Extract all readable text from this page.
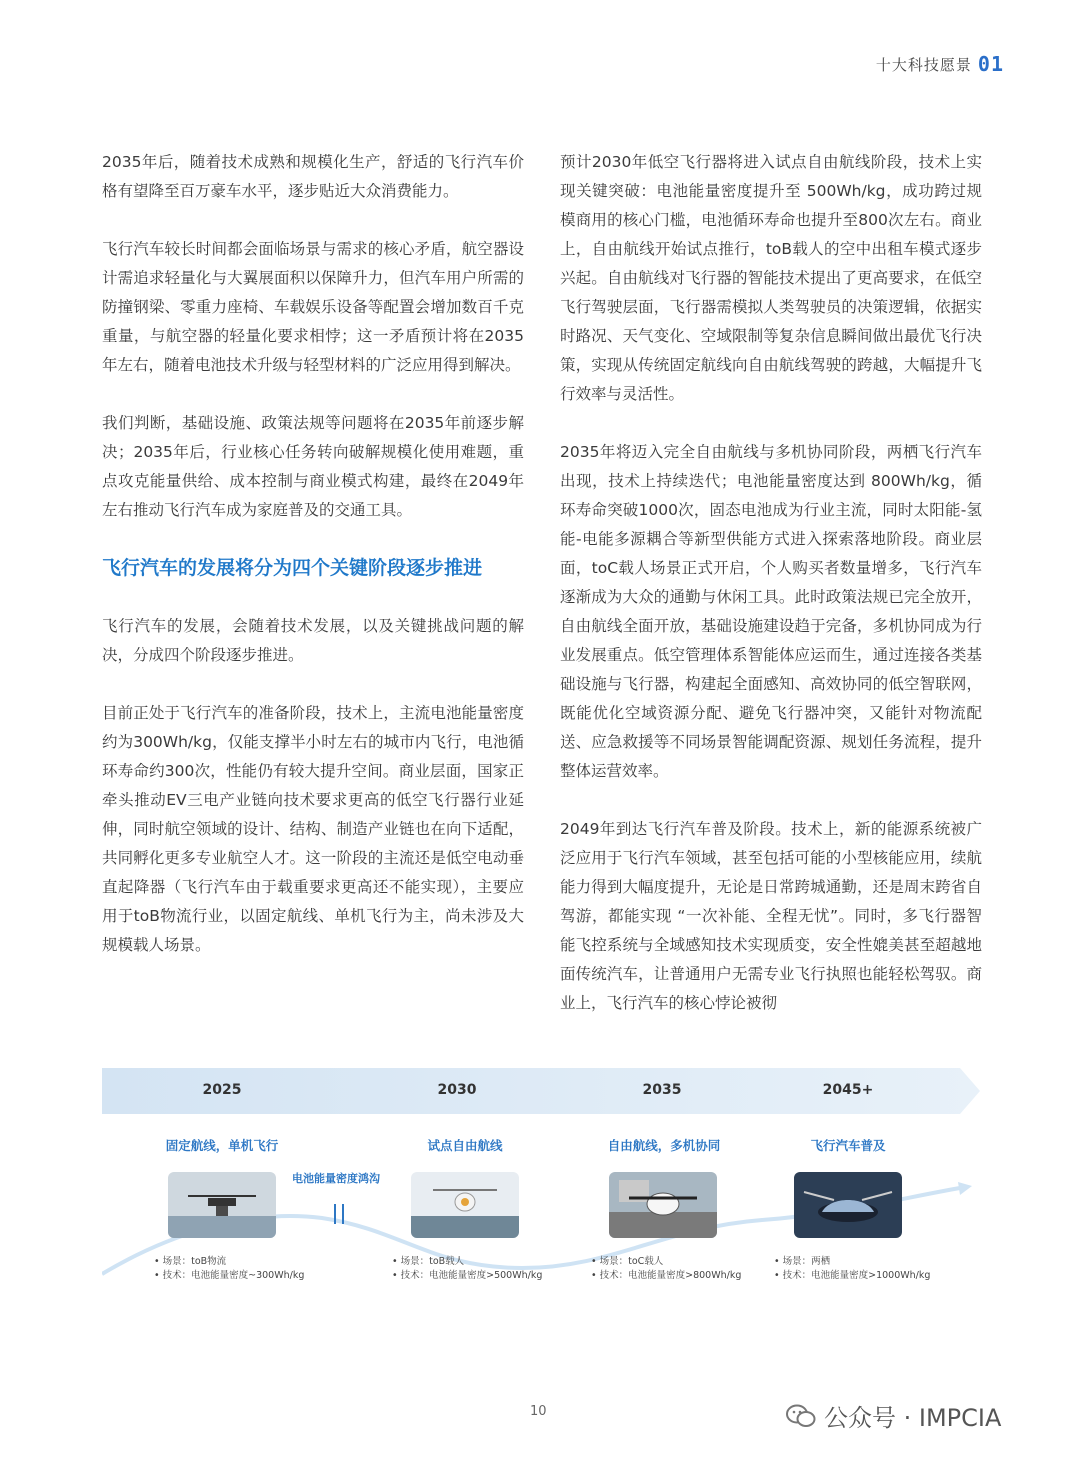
十大科技愿景 01

2035年后，随着技术成熟和规模化生产，舒适的飞行汽车价格有望降至百万豪车水平，逐步贴近大众消费能力。

飞行汽车较长时间都会面临场景与需求的核心矛盾，航空器设计需追求轻量化与大翼展面积以保障升力，但汽车用户所需的防撞钢梁、零重力座椅、车载娱乐设备等配置会增加数百千克重量，与航空器的轻量化要求相悖；这一矛盾预计将在2035年左右，随着电池技术升级与轻型材料的广泛应用得到解决。

我们判断，基础设施、政策法规等问题将在2035年前逐步解决；2035年后，行业核心任务转向破解规模化使用难题，重点攻克能量供给、成本控制与商业模式构建，最终在2049年左右推动飞行汽车成为家庭普及的交通工具。

飞行汽车的发展将分为四个关键阶段逐步推进

飞行汽车的发展，会随着技术发展，以及关键挑战问题的解决，分成四个阶段逐步推进。

目前正处于飞行汽车的准备阶段，技术上，主流电池能量密度约为300Wh/kg，仅能支撑半小时左右的城市内飞行，电池循环寿命约300次，性能仍有较大提升空间。商业层面，国家正牵头推动EV三电产业链向技术要求更高的低空飞行器行业延伸，同时航空领域的设计、结构、制造产业链也在向下适配，共同孵化更多专业航空人才。这一阶段的主流还是低空电动垂直起降器（飞行汽车由于载重要求更高还不能实现），主要应用于toB物流行业，以固定航线、单机飞行为主，尚未涉及大规模载人场景。

预计2030年低空飞行器将进入试点自由航线阶段，技术上实现关键突破：电池能量密度提升至 500Wh/kg，成功跨过规模商用的核心门槛，电池循环寿命也提升至800次左右。商业上，自由航线开始试点推行，toB载人的空中出租车模式逐步兴起。自由航线对飞行器的智能技术提出了更高要求，在低空飞行驾驶层面，飞行器需模拟人类驾驶员的决策逻辑，依据实时路况、天气变化、空域限制等复杂信息瞬间做出最优飞行决策，实现从传统固定航线向自由航线驾驶的跨越，大幅提升飞行效率与灵活性。

2035年将迈入完全自由航线与多机协同阶段，两栖飞行汽车出现，技术上持续迭代；电池能量密度达到 800Wh/kg，循环寿命突破1000次，固态电池成为行业主流，同时太阳能-氢能-电能多源耦合等新型供能方式进入探索落地阶段。商业层面，toC载人场景正式开启，个人购买者数量增多，飞行汽车逐渐成为大众的通勤与休闲工具。此时政策法规已完全放开，自由航线全面开放，基础设施建设趋于完备，多机协同成为行业发展重点。低空管理体系智能体应运而生，通过连接各类基础设施与飞行器，构建起全面感知、高效协同的低空智联网，既能优化空域资源分配、避免飞行器冲突，又能针对物流配送、应急救援等不同场景智能调配资源、规划任务流程，提升整体运营效率。

2049年到达飞行汽车普及阶段。技术上，新的能源系统被广泛应用于飞行汽车领域，甚至包括可能的小型核能应用，续航能力得到大幅度提升，无论是日常跨城通勤，还是周末跨省自驾游，都能实现 “一次补能、全程无忧”。同时，多飞行器智能飞控系统与全域感知技术实现质变，安全性媲美甚至超越地面传统汽车，让普通用户无需专业飞行执照也能轻松驾驭。商业上，飞行汽车的核心悖论被彻

2025	2030	2035	2045+
固定航线，单机飞行	试点自由航线	自由航线，多机协同	飞行汽车普及
电池能量密度鸿沟
• 场景：toB物流
• 技术：电池能量密度~300Wh/kg
• 场景：toB载人
• 技术：电池能量密度>500Wh/kg
• 场景：toC载人
• 技术：电池能量密度>800Wh/kg
• 场景：两栖
• 技术：电池能量密度>1000Wh/kg
10	公众号 · IMPCIA
